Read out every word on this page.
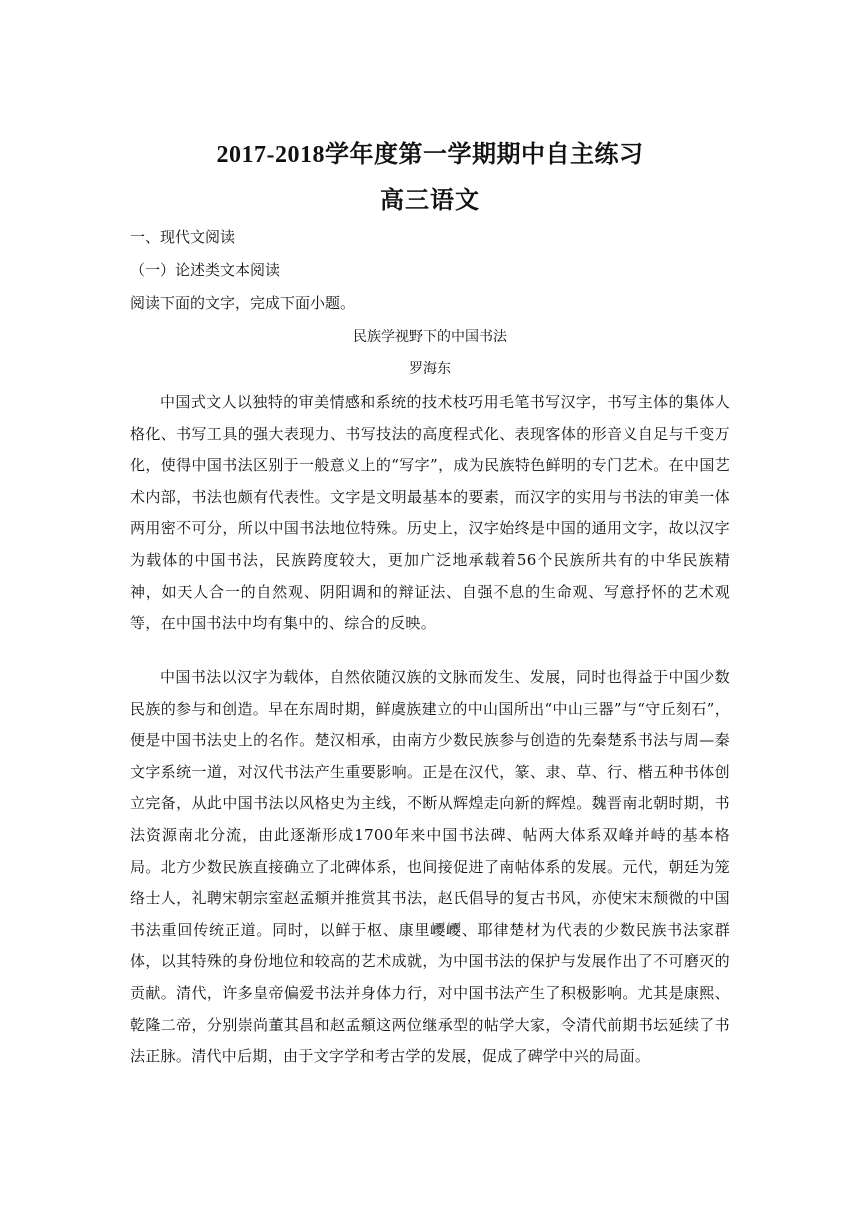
2017-2018学年度第一学期期中自主练习
高三语文
一、现代文阅读
（一）论述类文本阅读
阅读下面的文字，完成下面小题。
民族学视野下的中国书法
罗海东

中国式文人以独特的审美情感和系统的技术枝巧用毛笔书写汉字，书写主体的集体人格化、书写工具的强大表现力、书写技法的高度程式化、表现客体的形音义自足与千变万化，使得中国书法区别于一般意义上的“写字”，成为民族特色鲜明的专门艺术。在中国艺术内部，书法也颇有代表性。文字是文明最基本的要素，而汉字的实用与书法的审美一体两用密不可分，所以中国书法地位特殊。历史上，汉字始终是中国的通用文字，故以汉字为载体的中国书法，民族跨度较大，更加广泛地承载着56个民族所共有的中华民族精神，如天人合一的自然观、阴阳调和的辩证法、自强不息的生命观、写意抒怀的艺术观等，在中国书法中均有集中的、综合的反映。

中国书法以汉字为载体，自然依随汉族的文脉而发生、发展，同时也得益于中国少数民族的参与和创造。早在东周时期，鲜虞族建立的中山国所出“中山三器”与“守丘刻石”，便是中国书法史上的名作。楚汉相承，由南方少数民族参与创造的先秦楚系书法与周—秦文字系统一道，对汉代书法产生重要影响。正是在汉代，篆、隶、草、行、楷五种书体创立完备，从此中国书法以风格史为主线，不断从辉煌走向新的辉煌。魏晋南北朝时期，书法资源南北分流，由此逐渐形成1700年来中国书法碑、帖两大体系双峰并峙的基本格局。北方少数民族直接确立了北碑体系，也间接促进了南帖体系的发展。元代，朝廷为笼络士人，礼聘宋朝宗室赵孟頫并推赏其书法，赵氏倡导的复古书风，亦使宋末颓微的中国书法重回传统正道。同时，以鲜于枢、康里巎巎、耶律楚材为代表的少数民族书法家群体，以其特殊的身份地位和较高的艺术成就，为中国书法的保护与发展作出了不可磨灭的贡献。清代，许多皇帝偏爱书法并身体力行，对中国书法产生了积极影响。尤其是康熙、乾隆二帝，分别崇尚董其昌和赵孟頫这两位继承型的帖学大家，令清代前期书坛延续了书法正脉。清代中后期，由于文字学和考古学的发展，促成了碑学中兴的局面。
